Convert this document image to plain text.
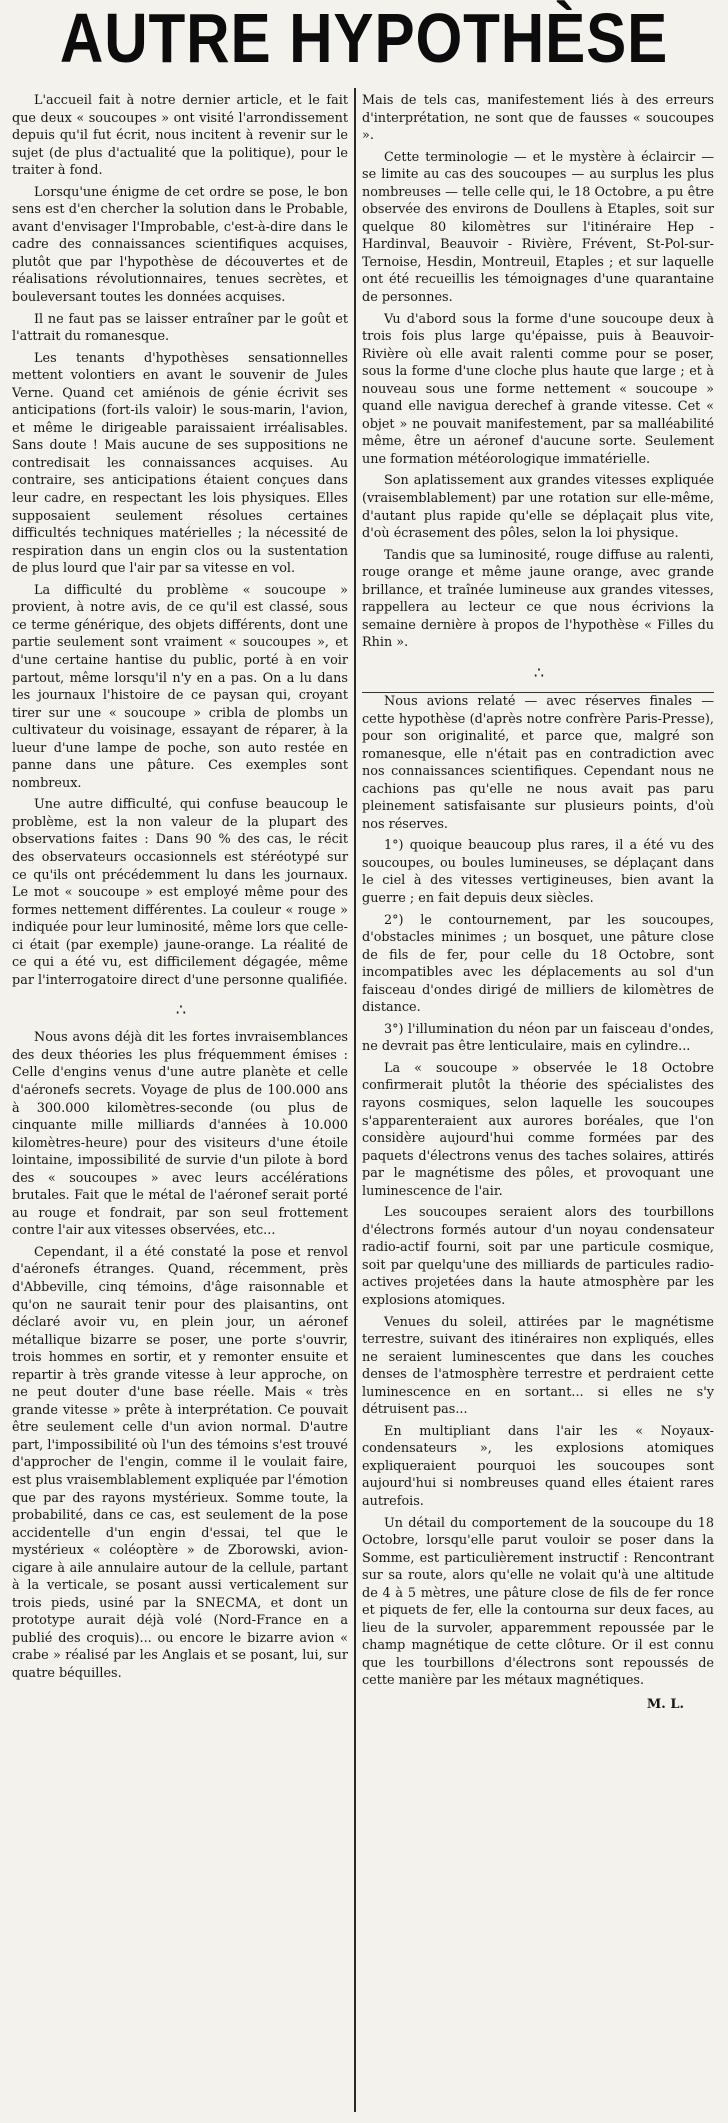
AUTRE HYPOTHÈSE

L'accueil fait à notre dernier article, et le fait que deux « soucoupes » ont visité l'arrondissement depuis qu'il fut écrit, nous incitent à revenir sur le sujet (de plus d'actualité que la politique), pour le traiter à fond.

Lorsqu'une énigme de cet ordre se pose, le bon sens est d'en chercher la solution dans le Probable, avant d'envisager l'Improbable, c'est-à-dire dans le cadre des connaissances scientifiques acquises, plutôt que par l'hypothèse de découvertes et de réalisations révolutionnaires, tenues secrètes, et bouleversant toutes les données acquises.

Il ne faut pas se laisser entraîner par le goût et l'attrait du romanesque.

Les tenants d'hypothèses sensationnelles mettent volontiers en avant le souvenir de Jules Verne. Quand cet amiénois de génie écrivit ses anticipations (fort-ils valoir) le sous-marin, l'avion, et même le dirigeable paraissaient irréalisables. Sans doute ! Mais aucune de ses suppositions ne contredisait les connaissances acquises. Au contraire, ses anticipations étaient conçues dans leur cadre, en respectant les lois physiques. Elles supposaient seulement résolues certaines difficultés techniques matérielles ; la nécessité de respiration dans un engin clos ou la sustentation de plus lourd que l'air par sa vitesse en vol.

La difficulté du problème « soucoupe » provient, à notre avis, de ce qu'il est classé, sous ce terme générique, des objets différents, dont une partie seulement sont vraiment « soucoupes », et d'une certaine hantise du public, porté à en voir partout, même lorsqu'il n'y en a pas. On a lu dans les journaux l'histoire de ce paysan qui, croyant tirer sur une « soucoupe » cribla de plombs un cultivateur du voisinage, essayant de réparer, à la lueur d'une lampe de poche, son auto restée en panne dans une pâture. Ces exemples sont nombreux.

Une autre difficulté, qui confuse beaucoup le problème, est la non valeur de la plupart des observations faites : Dans 90 % des cas, le récit des observateurs occasionnels est stéréotypé sur ce qu'ils ont précédemment lu dans les journaux. Le mot « soucoupe » est employé même pour des formes nettement différentes. La couleur « rouge » indiquée pour leur luminosité, même lors que celle-ci était (par exemple) jaune-orange. La réalité de ce qui a été vu, est difficilement dégagée, même par l'interrogatoire direct d'une personne qualifiée.

∴

Nous avons déjà dit les fortes invraisemblances des deux théories les plus fréquemment émises : Celle d'engins venus d'une autre planète et celle d'aéronefs secrets. Voyage de plus de 100.000 ans à 300.000 kilomètres-seconde (ou plus de cinquante mille milliards d'années à 10.000 kilomètres-heure) pour des visiteurs d'une étoile lointaine, impossibilité de survie d'un pilote à bord des « soucoupes » avec leurs accélérations brutales. Fait que le métal de l'aéronef serait porté au rouge et fondrait, par son seul frottement contre l'air aux vitesses observées, etc...

Cependant, il a été constaté la pose et renvol d'aéronefs étranges. Quand, récemment, près d'Abbeville, cinq témoins, d'âge raisonnable et qu'on ne saurait tenir pour des plaisantins, ont déclaré avoir vu, en plein jour, un aéronef métallique bizarre se poser, une porte s'ouvrir, trois hommes en sortir, et y remonter ensuite et repartir à très grande vitesse à leur approche, on ne peut douter d'une base réelle. Mais « très grande vitesse » prête à interprétation. Ce pouvait être seulement celle d'un avion normal. D'autre part, l'impossibilité où l'un des témoins s'est trouvé d'approcher de l'engin, comme il le voulait faire, est plus vraisemblablement expliquée par l'émotion que par des rayons mystérieux. Somme toute, la probabilité, dans ce cas, est seulement de la pose accidentelle d'un engin d'essai, tel que le mystérieux « coléoptère » de Zborowski, avion-cigare à aile annulaire autour de la cellule, partant à la verticale, se posant aussi verticalement sur trois pieds, usiné par la SNECMA, et dont un prototype aurait déjà volé (Nord-France en a publié des croquis)... ou encore le bizarre avion « crabe » réalisé par les Anglais et se posant, lui, sur quatre béquilles.

Mais de tels cas, manifestement liés à des erreurs d'interprétation, ne sont que de fausses « soucoupes ».

Cette terminologie — et le mystère à éclaircir — se limite au cas des soucoupes — au surplus les plus nombreuses — telle celle qui, le 18 Octobre, a pu être observée des environs de Doullens à Etaples, soit sur quelque 80 kilomètres sur l'itinéraire Hep - Hardinval, Beauvoir - Rivière, Frévent, St-Pol-sur-Ternoise, Hesdin, Montreuil, Etaples ; et sur laquelle ont été recueillis les témoignages d'une quarantaine de personnes.

Vu d'abord sous la forme d'une soucoupe deux à trois fois plus large qu'épaisse, puis à Beauvoir-Rivière où elle avait ralenti comme pour se poser, sous la forme d'une cloche plus haute que large ; et à nouveau sous une forme nettement « soucoupe » quand elle navigua derechef à grande vitesse. Cet « objet » ne pouvait manifestement, par sa malléabilité même, être un aéronef d'aucune sorte. Seulement une formation météorologique immatérielle.

Son aplatissement aux grandes vitesses expliquée (vraisemblablement) par une rotation sur elle-même, d'autant plus rapide qu'elle se déplaçait plus vite, d'où écrasement des pôles, selon la loi physique.

Tandis que sa luminosité, rouge diffuse au ralenti, rouge orange et même jaune orange, avec grande brillance, et traînée lumineuse aux grandes vitesses, rappellera au lecteur ce que nous écrivions la semaine dernière à propos de l'hypothèse « Filles du Rhin ».

∴

Nous avions relaté — avec réserves finales — cette hypothèse (d'après notre confrère Paris-Presse), pour son originalité, et parce que, malgré son romanesque, elle n'était pas en contradiction avec nos connaissances scientifiques. Cependant nous ne cachions pas qu'elle ne nous avait pas paru pleinement satisfaisante sur plusieurs points, d'où nos réserves.

1°) quoique beaucoup plus rares, il a été vu des soucoupes, ou boules lumineuses, se déplaçant dans le ciel à des vitesses vertigineuses, bien avant la guerre ; en fait depuis deux siècles.

2°) le contournement, par les soucoupes, d'obstacles minimes ; un bosquet, une pâture close de fils de fer, pour celle du 18 Octobre, sont incompatibles avec les déplacements au sol d'un faisceau d'ondes dirigé de milliers de kilomètres de distance.

3°) l'illumination du néon par un faisceau d'ondes, ne devrait pas être lenticulaire, mais en cylindre...

La « soucoupe » observée le 18 Octobre confirmerait plutôt la théorie des spécialistes des rayons cosmiques, selon laquelle les soucoupes s'apparenteraient aux aurores boréales, que l'on considère aujourd'hui comme formées par des paquets d'électrons venus des taches solaires, attirés par le magnétisme des pôles, et provoquant une luminescence de l'air.

Les soucoupes seraient alors des tourbillons d'électrons formés autour d'un noyau condensateur radio-actif fourni, soit par une particule cosmique, soit par quelqu'une des milliards de particules radio-actives projetées dans la haute atmosphère par les explosions atomiques.

Venues du soleil, attirées par le magnétisme terrestre, suivant des itinéraires non expliqués, elles ne seraient luminescentes que dans les couches denses de l'atmosphère terrestre et perdraient cette luminescence en en sortant... si elles ne s'y détruisent pas...

En multipliant dans l'air les « Noyaux-condensateurs », les explosions atomiques expliqueraient pourquoi les soucoupes sont aujourd'hui si nombreuses quand elles étaient rares autrefois.

Un détail du comportement de la soucoupe du 18 Octobre, lorsqu'elle parut vouloir se poser dans la Somme, est particulièrement instructif : Rencontrant sur sa route, alors qu'elle ne volait qu'à une altitude de 4 à 5 mètres, une pâture close de fils de fer ronce et piquets de fer, elle la contourna sur deux faces, au lieu de la survoler, apparemment repoussée par le champ magnétique de cette clôture. Or il est connu que les tourbillons d'électrons sont repoussés de cette manière par les métaux magnétiques.

M. L.
